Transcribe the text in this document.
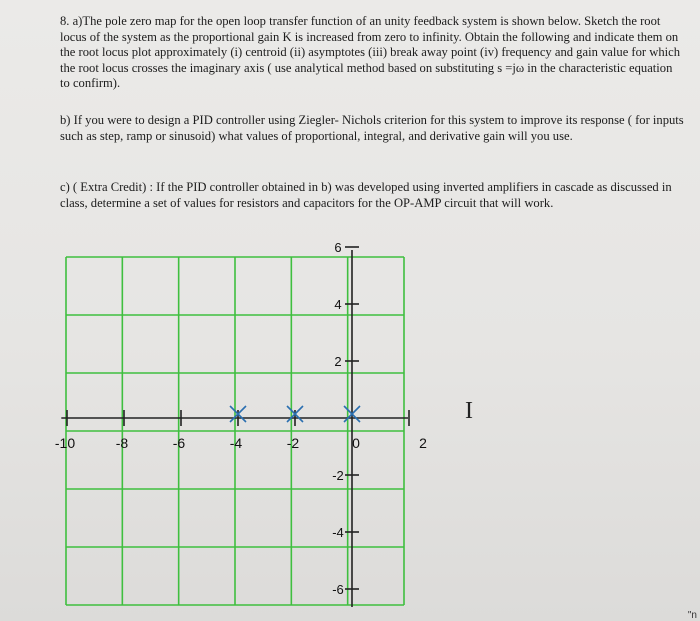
8. a)The pole zero map for the open loop transfer function of an unity feedback system is shown below. Sketch the root locus of the system as the proportional gain K is increased from zero to infinity. Obtain the following and indicate them on the root locus plot approximately (i) centroid (ii) asymptotes (iii) break away point (iv) frequency and gain value for which the root locus crosses the imaginary axis ( use analytical method based on substituting s =jω in the characteristic equation to confirm).

b) If you were to design a PID controller using Ziegler- Nichols criterion for this system to improve its response ( for inputs such as step, ramp or sinusoid) what values of proportional, integral, and derivative gain will you use.

c) ( Extra Credit) : If the PID controller obtained in b) was developed using inverted amplifiers in cascade as discussed in class, determine a set of values for resistors and capacitors for the OP-AMP circuit that will work.

-10	-8	-6	-4	-2	0	2
6
4
2
-2
-4
-6
I
"n
